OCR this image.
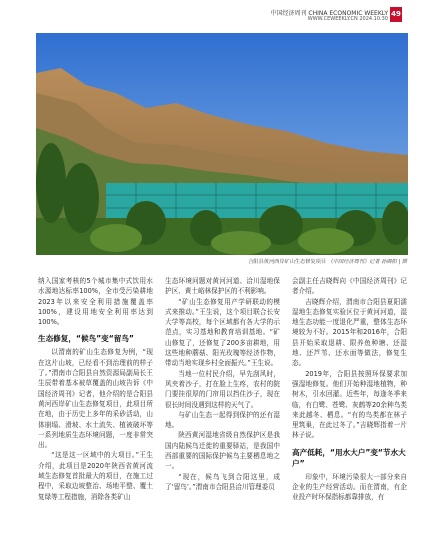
中国经济周刊 CHINA ECONOMIC WEEKLY
WWW.CEWEEKLY.CN 2024.10.30
49
合阳县黄河西岸矿山生态修复项目 《中国经济周刊》记者 孙阁阳 | 摄

纳入国家考核的5个城市集中式饮用水水源地达标率100%，全市受污染耕地2023年以来安全利用措施覆盖率100%，建设用地安全利用率达到100%。

生态修复，“候鸟”变“留鸟”

以渭南的矿山生态修复为例，“现在这片山坡，已经看不到治理前的样子了。”渭南市合阳县自然资源局副局长王生辰带着基本被草覆盖的山坡告诉《中国经济周刊》记者，他介绍的是合阳县黄河西岸矿山生态修复项目，此项目所在地，由于历史上多年的采砂活动，山体崩塌、滑坡、水土流失、植被破坏等一系列地质生态环境问题，一度非常突出。

“这是这一区域中的大项目。”王生介绍，此项目是2020年陕西省黄河流域生态修复首批最大的项目，在施工过程中，采取边坡整治、场地平整、覆土复绿等工程措施，消除各类矿山

生态环境问题对黄河河道、洽川湿地保护区、黄土峪林保护区的不利影响。

“矿山生态修复用产学研联动的模式来推动。”王生说，这个项目联合长安大学等高校，每个区域都有各大学的示范点，实习基地和教育培训基地。“矿山修复了，还修复了200多亩耕地，用这些地种蘑菇、阳光玫瑰等经济作物，带动当地实现乡村全面振兴。”王生说。

当地一位村民介绍，早先刮风时，风夹着沙子，打在脸上生疼，农村的院门要挂很厚的门帘用以挡住沙子，现在很长时间没遇到这样的天气了。

与矿山生态一起得到保护的还有湿地。

陕西黄河湿地省级自然保护区是我国内陆候鸟迁徙的重要驿站，是我国中西部重要的国际保护候鸟主要栖息地之一。

“现在，候鸟飞到合阳这里，成了‘留鸟’。”渭南市合阳县洽川管理委员

会副主任吉晓辉向《中国经济周刊》记者介绍。

吉晓辉介绍，渭南市合阳县夏阳濡湿地生态修复实验区位于黄河河道，湿地生态功能一度退化严重，整体生态环境较为不好。2015年和2016年，合阳县开始采取退耕、限养鱼种塘、还湿地、还芦苇、还水面等做法，修复生态。

2019年，合阳县按照环保要求加强湿地修复。他们开始种湿地植物，种树木，引水回灌。近些年，每逢冬季来临，有白鹭、苍鹭、灰鹤等20余种鸟类来此越冬、栖息。“有的鸟类都在林子里筑巢，在此过冬了。”吉晓辉指着一片林子说。

高产低耗，“用水大户”变“节水大户”

印象中，环境污染很大一部分来自企业的生产经营活动。而在渭南，有企业投产时环保指标都靠排放，有
